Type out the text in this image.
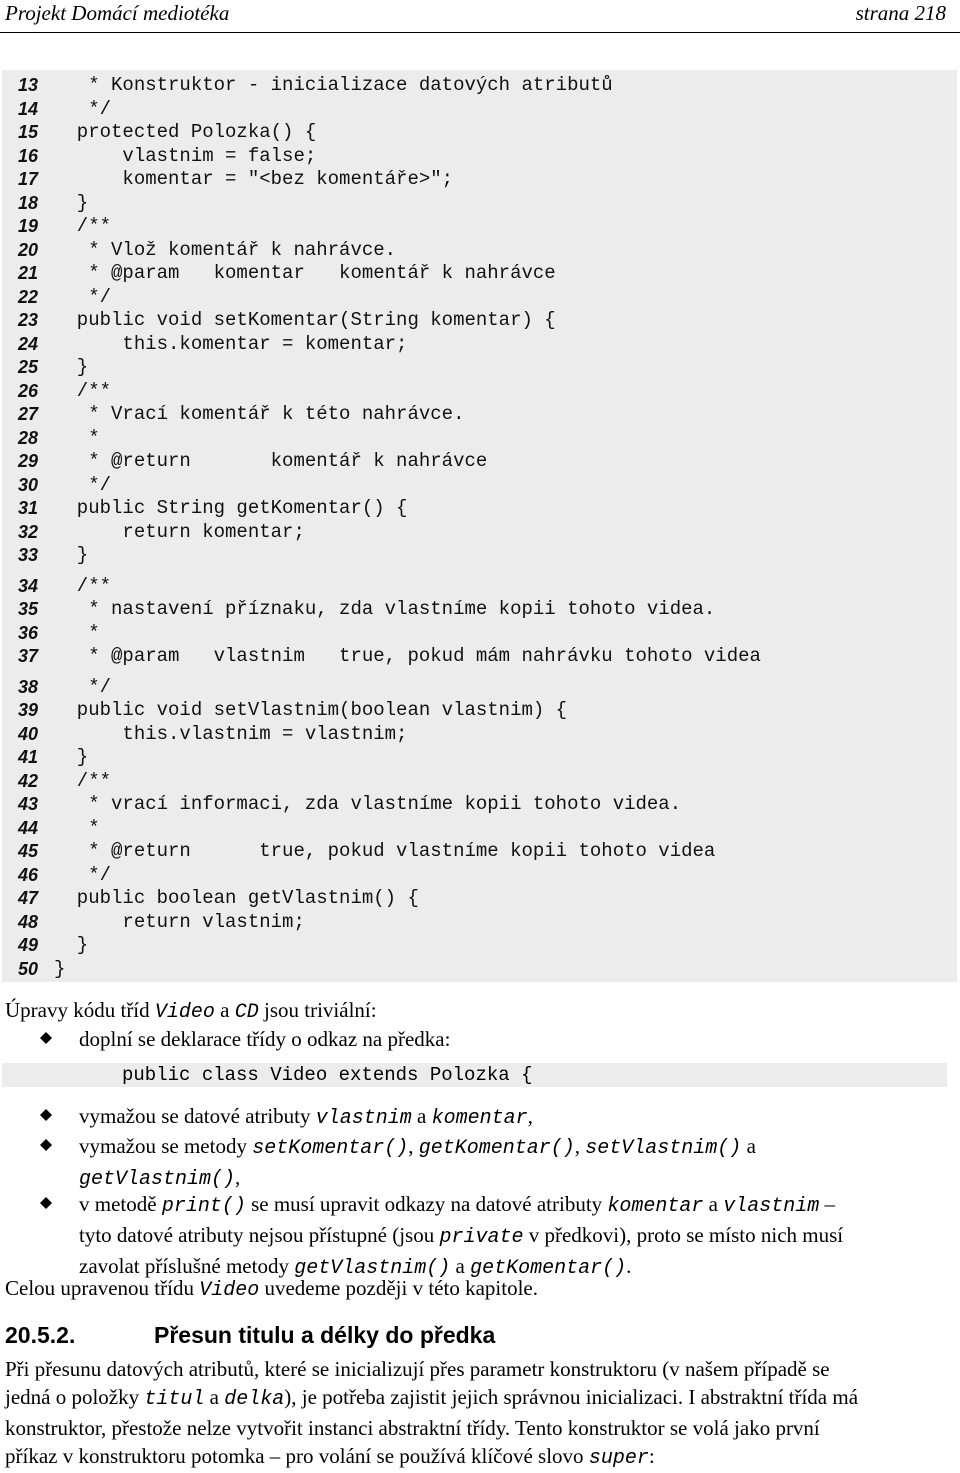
Projekt Domácí mediotéka	strana 218
13 * Konstruktor - inicializace datových atributů
14 */
15 protected Polozka() {
16 vlastnim = false;
17 komentar = "<bez komentáře>";
18 }
19 /**
20 * Vlož komentář k nahrávce.
21 * @param   komentar   komentář k nahrávce
22 */
23 public void setKomentar(String komentar) {
24 this.komentar = komentar;
25 }
26 /**
27 * Vrací komentář k této nahrávce.
28 *
29 * @return       komentář k nahrávce
30 */
31 public String getKomentar() {
32 return komentar;
33 }
34 /**
35 * nastavení příznaku, zda vlastníme kopii tohoto videa.
36 *
37 * @param   vlastnim   true, pokud mám nahrávku tohoto videa
38 */
39 public void setVlastnim(boolean vlastnim) {
40 this.vlastnim = vlastnim;
41 }
42 /**
43 * vrací informaci, zda vlastníme kopii tohoto videa.
44 *
45 * @return      true, pokud vlastníme kopii tohoto videa
46 */
47 public boolean getVlastnim() {
48 return vlastnim;
49 }
50 }
Úpravy kódu tříd Video a CD jsou triviální:
doplní se deklarace třídy o odkaz na předka:
public class Video extends Polozka {
vymažou se datové atributy vlastnim a komentar,
vymažou se metody setKomentar(), getKomentar(), setVlastnim() a
getVlastnim(),
v metodě print() se musí upravit odkazy na datové atributy komentar a vlastnim –
tyto datové atributy nejsou přístupné (jsou private v předkovi), proto se místo nich musí
zavolat příslušné metody getVlastnim() a getKomentar().
Celou upravenou třídu Video uvedeme později v této kapitole.
20.5.2.	Přesun titulu a délky do předka
Při přesunu datových atributů, které se inicializují přes parametr konstruktoru (v našem případě se
jedná o položky titul a delka), je potřeba zajistit jejich správnou inicializaci. I abstraktní třída má
konstruktor, přestože nelze vytvořit instanci abstraktní třídy. Tento konstruktor se volá jako první
příkaz v konstruktoru potomka – pro volání se používá klíčové slovo super:
